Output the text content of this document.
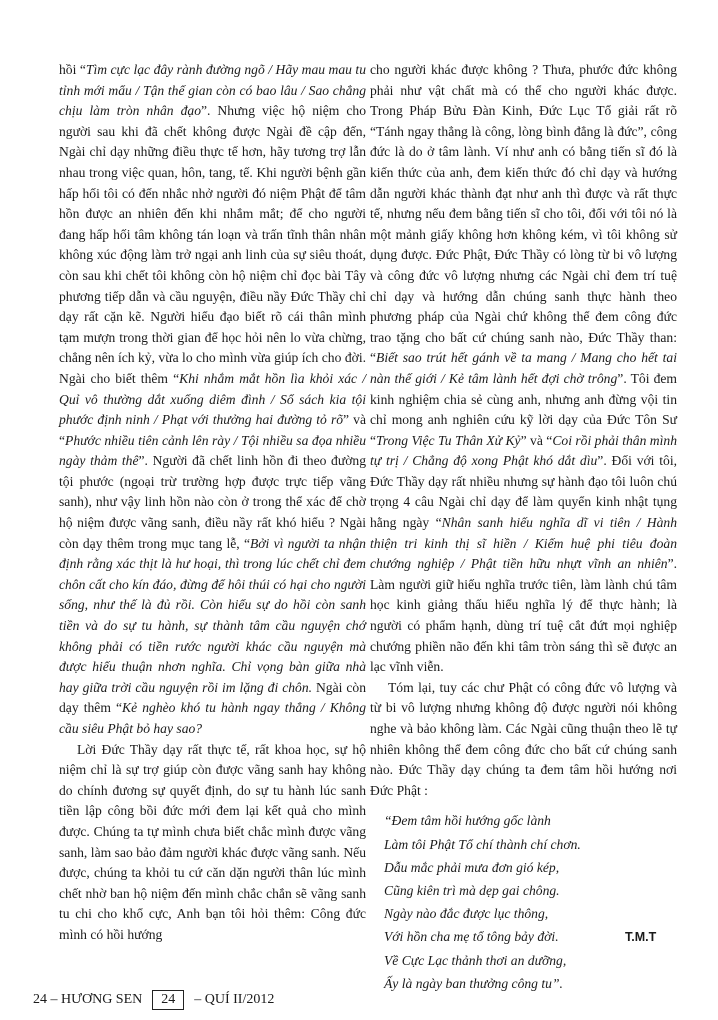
hồi “Tìm cực lạc đây rành đường ngõ / Hãy mau mau tu tỉnh mới mẩu / Tận thế gian còn có bao lâu / Sao chẳng chịu làm tròn nhân đạo”. Nhưng việc hộ niệm cho người sau khi đã chết không được Ngài đề cập đến, Ngài chỉ dạy những điều thực tế hơn, hãy tương trợ lẫn nhau trong việc quan, hôn, tang, tế. Khi người bệnh gần hấp hối tôi có đến nhắc nhở người đó niệm Phật để tâm hồn được an nhiên đến khi nhắm mắt; để cho người đang hấp hối tâm không tán loạn và trấn tĩnh thân nhân không xúc động làm trở ngại anh linh của sự siêu thoát, còn sau khi chết tôi không còn hộ niệm chỉ đọc bài Tây phương tiếp dẫn và cầu nguyện, điều nầy Đức Thầy chỉ dạy rất cặn kẽ. Người hiểu đạo biết rõ cái thân mình tạm mượn trong thời gian để học hỏi nên lo vừa chừng, chẳng nên ích kỷ, vừa lo cho mình vừa giúp ích cho đời. Ngài cho biết thêm “Khi nhắm mắt hồn lìa khỏi xác / Quỉ vô thường dắt xuống diêm đình / Sổ sách kia tội phước định ninh / Phạt với thưởng hai đường tỏ rõ” và “Phước nhiều tiên cảnh lên rày / Tội nhiều sa đọa nhiều ngày thảm thê”. Người đã chết linh hồn đi theo đường tội phước (ngoại trừ trường hợp được trực tiếp vãng sanh), như vậy linh hồn nào còn ở trong thể xác để chờ hộ niệm được vãng sanh, điều nầy rất khó hiểu ? Ngài còn dạy thêm trong mục tang lễ, “Bởi vì người ta nhận định rằng xác thịt là hư hoại, thì trong lúc chết chỉ đem chôn cất cho kín đáo, đừng để hôi thúi có hại cho người sống, như thế là đủ rồi. Còn hiếu sự do hồi còn sanh tiền và do sự tu hành, sự thành tâm cầu nguyện chớ không phải có tiền rước người khác cầu nguyện mà được hiếu thuận nhơn nghĩa. Chỉ vọng bàn giữa nhà hay giữa trời cầu nguyện rồi im lặng đi chôn. Ngài còn dạy thêm “Kẻ nghèo khó tu hành ngay thẳng / Không cầu siêu Phật bỏ hay sao?

Lời Đức Thầy dạy rất thực tế, rất khoa học, sự hộ niệm chỉ là sự trợ giúp còn được vãng sanh hay không do chính đương sự quyết định, do sự tu hành lúc sanh tiền lập công bồi đức mới đem lại kết quả cho mình được. Chúng ta tự mình chưa biết chắc mình được vãng sanh, làm sao bảo đảm người khác được vãng sanh. Nếu được, chúng ta khỏi tu cứ căn dặn người thân lúc mình chết nhờ ban hộ niệm đến mình chắc chắn sẽ vãng sanh tu chi cho khổ cực, Anh bạn tôi hỏi thêm: Công đức mình có hồi hướng

cho người khác được không ? Thưa, phước đức không phải như vật chất mà có thể cho người khác được. Trong Pháp Bửu Đàn Kinh, Đức Lục Tổ giải rất rõ “Tánh ngay thẳng là công, lòng bình đẳng là đức”, công đức là do ở tâm lành. Ví như anh có bằng tiến sĩ đó là kiến thức của anh, đem kiến thức đó chỉ dạy và hướng dẫn người khác thành đạt như anh thì được và rất thực tế, nhưng nếu đem bằng tiến sĩ cho tôi, đối với tôi nó là một mảnh giấy không hơn không kém, vì tôi không sử dụng được. Đức Phật, Đức Thầy có lòng từ bi vô lượng và công đức vô lượng nhưng các Ngài chỉ đem trí tuệ chỉ dạy và hướng dẫn chúng sanh thực hành theo phương pháp của Ngài chứ không thể đem công đức trao tặng cho bất cứ chúng sanh nào, Đức Thầy than: “Biết sao trút hết gánh về ta mang / Mang cho hết tai nàn thế giới / Kẻ tâm lành hết đợi chờ trông”. Tôi đem kinh nghiệm chia sẻ cùng anh, nhưng anh đừng vội tin chỉ mong anh nghiên cứu kỹ lời dạy của Đức Tôn Sư “Trong Việc Tu Thân Xử Kỷ” và “Coi rồi phải thân mình tự trị / Chẳng độ xong Phật khó dắt dìu”. Đối với tôi, Đức Thầy dạy rất nhiều nhưng sự hành đạo tôi luôn chú trọng 4 câu Ngài chỉ dạy để làm quyển kinh nhật tụng hằng ngày “Nhân sanh hiếu nghĩa dĩ vi tiên / Hành thiện tri kinh thị sĩ hiền / Kiếm huệ phi tiêu đoàn chướng nghiệp / Phật tiền hữu nhựt vĩnh an nhiên”. Làm người giữ hiếu nghĩa trước tiên, làm lành chú tâm học kinh giảng thấu hiểu nghĩa lý để thực hành; là người có phẩm hạnh, dùng trí tuệ cắt đứt mọi nghiệp chướng phiền não đến khi tâm tròn sáng thì sẽ được an lạc vĩnh viễn.

Tóm lại, tuy các chư Phật có công đức vô lượng và từ bi vô lượng nhưng không độ được người nói không nghe và bảo không làm. Các Ngài cũng thuận theo lẽ tự nhiên không thể đem công đức cho bất cứ chúng sanh nào. Đức Thầy dạy chúng ta đem tâm hồi hướng nơi Đức Phật :

“Đem tâm hồi hướng gốc lành
Làm tôi Phật Tổ chí thành chí chơn.
Dẫu mắc phải mưa đơn gió kép,
Cũng kiên trì mà dẹp gai chông.
Ngày nào đắc được lục thông,
Với hồn cha mẹ tổ tông bảy đời.
Về Cực Lạc thảnh thơi an dưỡng,
Ấy là ngày ban thưởng công tu”.
T.M.T
24 – HƯƠNG SEN 24 – QUÍ II/2012
